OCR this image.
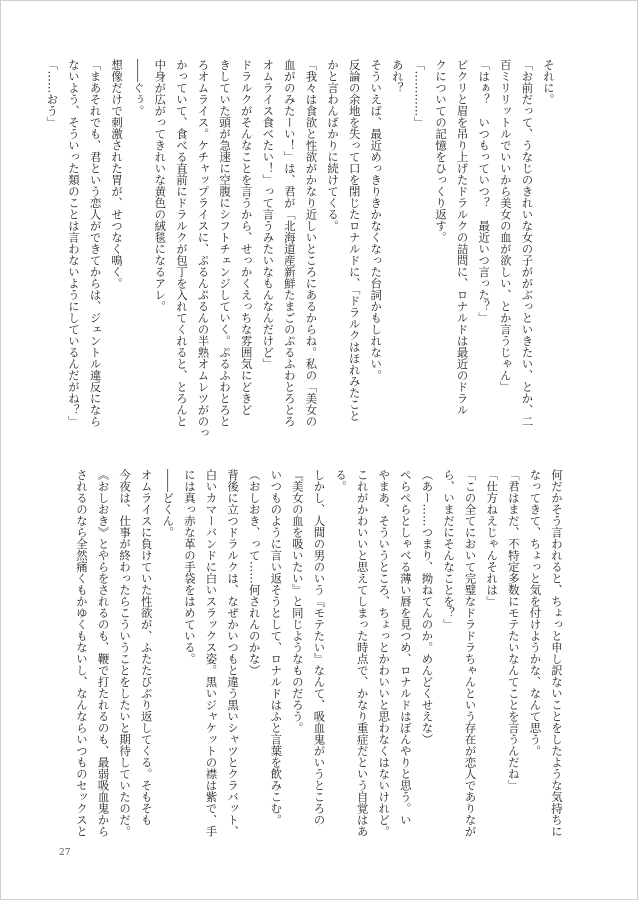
それに。
「お前だって、うなじのきれいな女の子ががぶっといきたい、とか、二
百ミリリットルでいいから美女の血が欲しい、とか言うじゃん」
「はぁ？　いつもっていつ？　最近いつ言った？」
ピクリと眉を吊り上げたドラルクの詰問に、ロナルドは最近のドラル
クについての記憶をひっくり返す。
「…………」
あれ？
そういえば、最近めっきりきかなくなった台詞かもしれない。
反論の余地を失って口を閉じたロナルドに、「ドラルクはほれみたこと
かと言わんばかりに続けてくる。
「我々は食欲と性欲がかなり近しいところにあるからね。私の「美女の
血がのみたーい！」は、君が「北海道産新鮮たまごのぷるふわとろとろ
オムライス食べたい！」って言うみたいなもんなんだけど」
ドラルクがそんなことを言うから、せっかくえっちな雰囲気にどきど
きしていた頭が急速に空腹にシフトチェンジしていく。ぷるふわとろと
ろオムライス。ケチャップライスに、ぷるんぷるんの半熟オムレツがのっ
かっていて、食べる直前にドラルクが包丁を入れてくれると、とろんと
中身が広がってきれいな黄色の絨毯になるアレ。
――ぐぅ。
想像だけで刺激された胃が、せつなく鳴く。
「まあそれでも、君という恋人ができてからは、ジェントル違反になら
ないよう、そういった類のことは言わないようにしているんだがね？」
「……おう」
何だかそう言われると、ちょっと申し訳ないことをしたような気持ちに
なってきて、ちょっと気を付けようかな、なんて思う。
「君はまだ、不特定多数にモテたいなんてことを言うんだね」
「仕方ねえじゃんそれは」
「この全てにおいて完璧なドラドラちゃんという存在が恋人でありなが
ら、いまだにそんなことを？」
（あー……つまり、拗ねてんのか。めんどくせえな）
ぺらぺらとしゃべる薄い唇を見つめ、ロナルドはぼんやりと思う。い
やまあ、そういうところ、ちょっとかわいいと思わなくはないけれど。
これがかわいいと思えてしまった時点で、かなり重症だという自覚はあ
る。
しかし、人間の男のいう『モテたい』なんて、吸血鬼がいうところの
『美女の血を吸いたい』と同じようなものだろう。
いつものように言い返そうとして、ロナルドはふと言葉を飲みこむ。
（おしおき、って……何されんのかな）
背後に立つドラルクは、なぜかいつもと違う黒いシャツとクラバット、
白いカマーバンドに白いスラックス姿。黒いジャケットの襟は紫で、手
には真っ赤な革の手袋をはめている。
――どくん。
オムライスに負けていた性欲が、ふたたびぶり返してくる。そもそも
今夜は、仕事が終わったらこういうことをしたいと期待していたのだ。
《おしおき》とやらをされるのも、鞭で打たれるのも、最弱吸血鬼から
されるのなら全然痛くもかゆくもないし、なんならいつものセックスと
27
